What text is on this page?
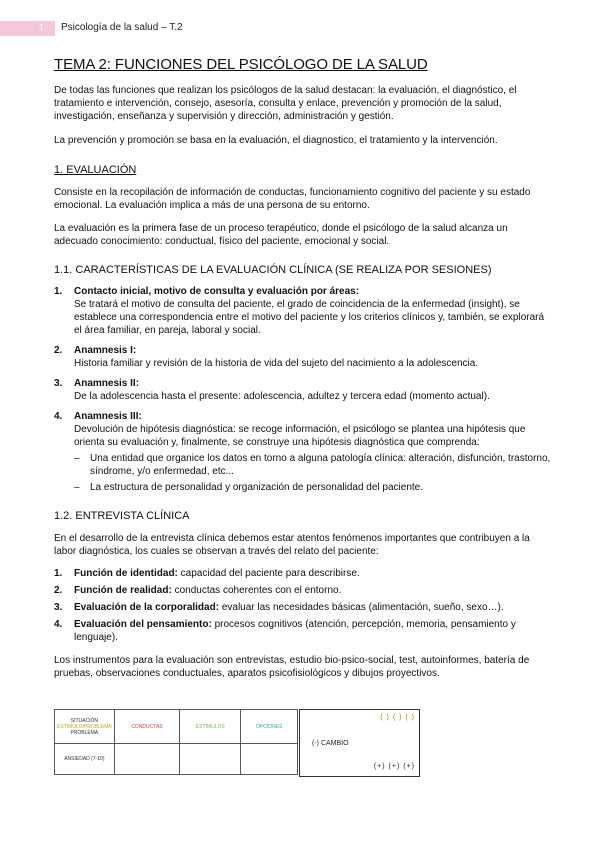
1 Psicología de la salud – T.2
TEMA 2: FUNCIONES DEL PSICÓLOGO DE LA SALUD

De todas las funciones que realizan los psicólogos de la salud destacan: la evaluación, el diagnóstico, el tratamiento e intervención, consejo, asesoría, consulta y enlace, prevención y promoción de la salud, investigación, enseñanza y supervisión y dirección, administración y gestión.

La prevención y promoción se basa en la evaluación, el diagnostico, el tratamiento y la intervención.

1. EVALUACIÓN

Consiste en la recopilación de información de conductas, funcionamiento cognitivo del paciente y su estado emocional. La evaluación implica a más de una persona de su entorno.

La evaluación es la primera fase de un proceso terapéutico, donde el psicólogo de la salud alcanza un adecuado conocimiento: conductual, físico del paciente, emocional y social.

1.1. CARACTERÍSTICAS DE LA EVALUACIÓN CLÍNICA (SE REALIZA POR SESIONES)
1. Contacto inicial, motivo de consulta y evaluación por áreas:
Se tratará el motivo de consulta del paciente, el grado de coincidencia de la enfermedad (insight), se establece una correspondencia entre el motivo del paciente y los criterios clínicos y, también, se explorará el área familiar, en pareja, laboral y social.
2. Anamnesis I:
Historia familiar y revisión de la historia de vida del sujeto del nacimiento a la adolescencia.
3. Anamnesis II:
De la adolescencia hasta el presente: adolescencia, adultez y tercera edad (momento actual).
4. Anamnesis III:
Devolución de hipótesis diagnóstica: se recoge información, el psicólogo se plantea una hipótesis que orienta su evaluación y, finalmente, se construye una hipótesis diagnóstica que comprenda:
– Una entidad que organice los datos en torno a alguna patología clínica: alteración, disfunción, trastorno, síndrome, y/o enfermedad, etc...
– La estructura de personalidad y organización de personalidad del paciente.
1.2. ENTREVISTA CLÍNICA

En el desarrollo de la entrevista clínica debemos estar atentos fenómenos importantes que contribuyen a la labor diagnóstica, los cuales se observan a través del relato del paciente:

1. Función de identidad: capacidad del paciente para describirse.
2. Función de realidad: conductas coherentes con el entorno.
3. Evaluación de la corporalidad: evaluar las necesidades básicas (alimentación, sueño, sexo…).
4. Evaluación del pensamiento: procesos cognitivos (atención, percepción, memoria, pensamiento y lenguaje).

Los instrumentos para la evaluación son entrevistas, estudio bio-psico-social, test, autoinformes, batería de pruebas, observaciones conductuales, aparatos psicofisiológicos y dibujos proyectivos.

SITUACIÓN
ESTIMULO/PROBLEMA
PROBLEMA	CONDUCTAS	ESTÍMULOS	OPCIONES
ANSIEDAD (7-10)			
( ) ( ) ( )
(-) CAMBIO
(+) (+) (+)
